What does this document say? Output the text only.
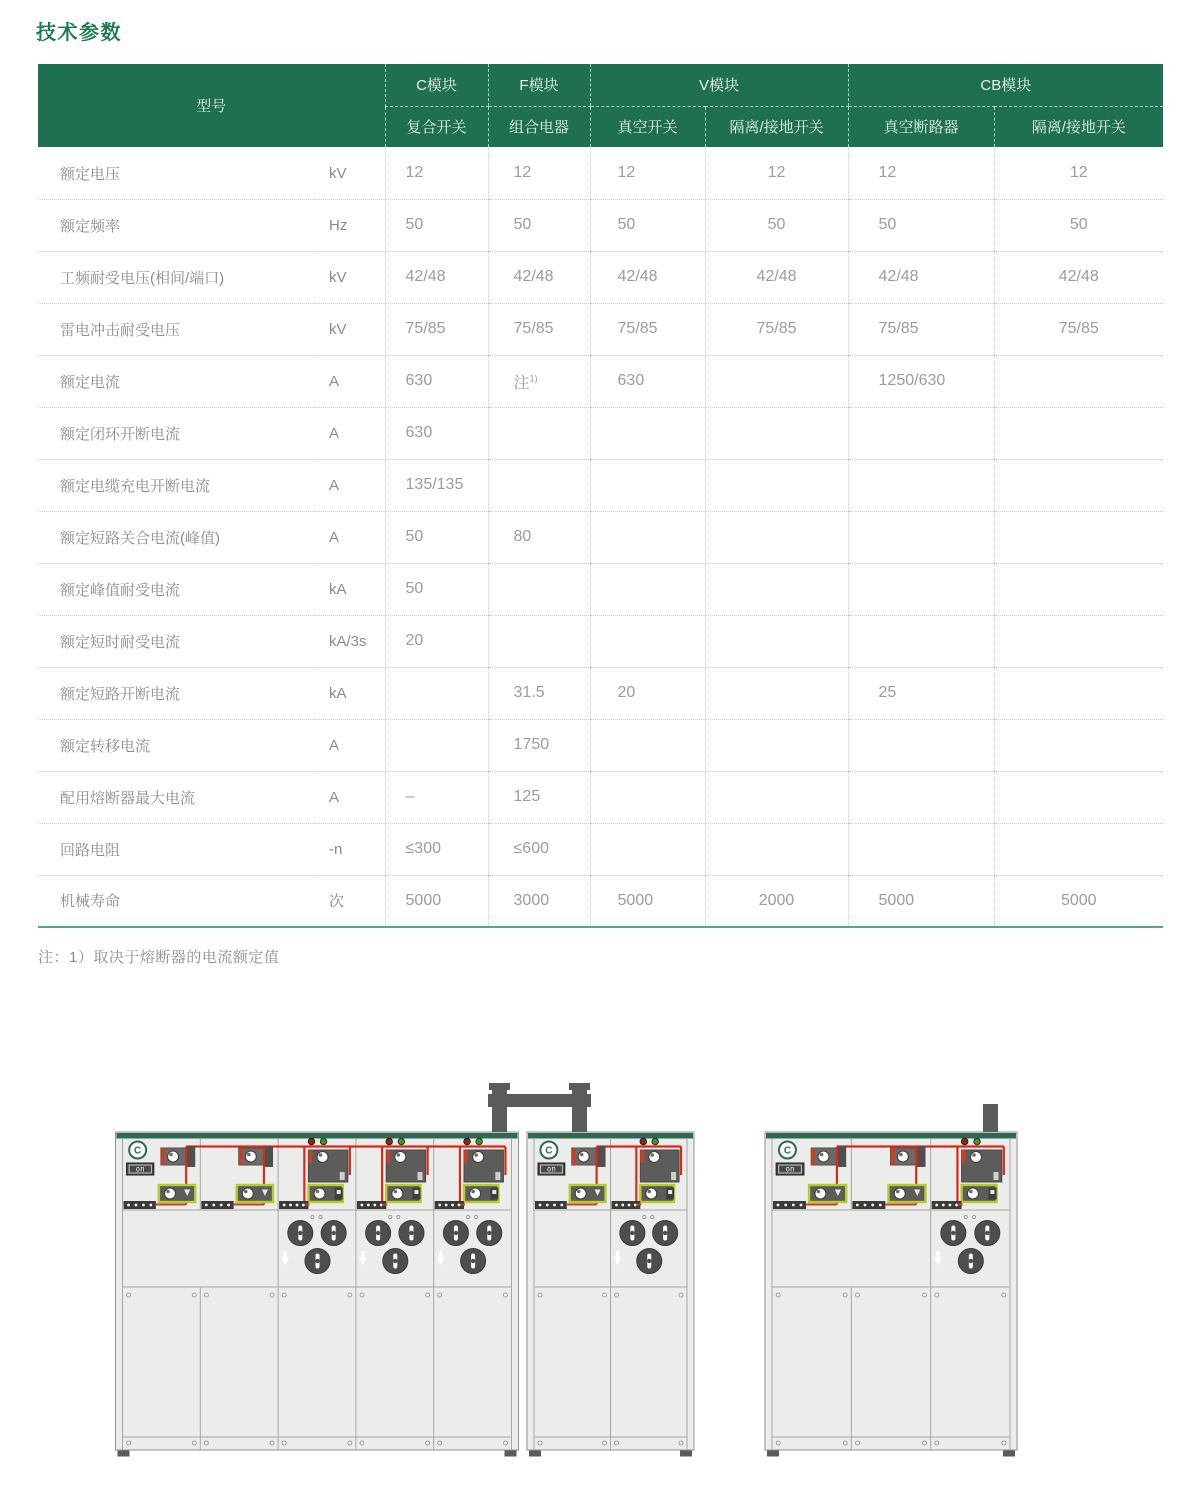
技术参数
型号		C模块	F模块	V模块		CB模块	
		复合开关	组合电器	真空开关	隔离/接地开关	真空断路器	隔离/接地开关
额定电压	kV	12	12	12	12	12	12
额定频率	Hz	50	50	50	50	50	50
工频耐受电压(相间/端口)	kV	42/48	42/48	42/48	42/48	42/48	42/48
雷电冲击耐受电压	kV	75/85	75/85	75/85	75/85	75/85	75/85
额定电流	A	630	注$^{1)}$	630		1250/630	
额定闭环开断电流	A	630					
额定电缆充电开断电流	A	135/135					
额定短路关合电流(峰值)	A	50	80				
额定峰值耐受电流	kA	50					
额定短时耐受电流	kA/3s	20					
额定短路开断电流	kA		31.5	20		25	
额定转移电流	A		1750				
配用熔断器最大电流	A	–	125				
回路电阻	-n	≤300	≤600				
机械寿命	次	5000	3000	5000	2000	5000	5000

注：1）取决于熔断器的电流额定值

C
on
C
on
C
on
